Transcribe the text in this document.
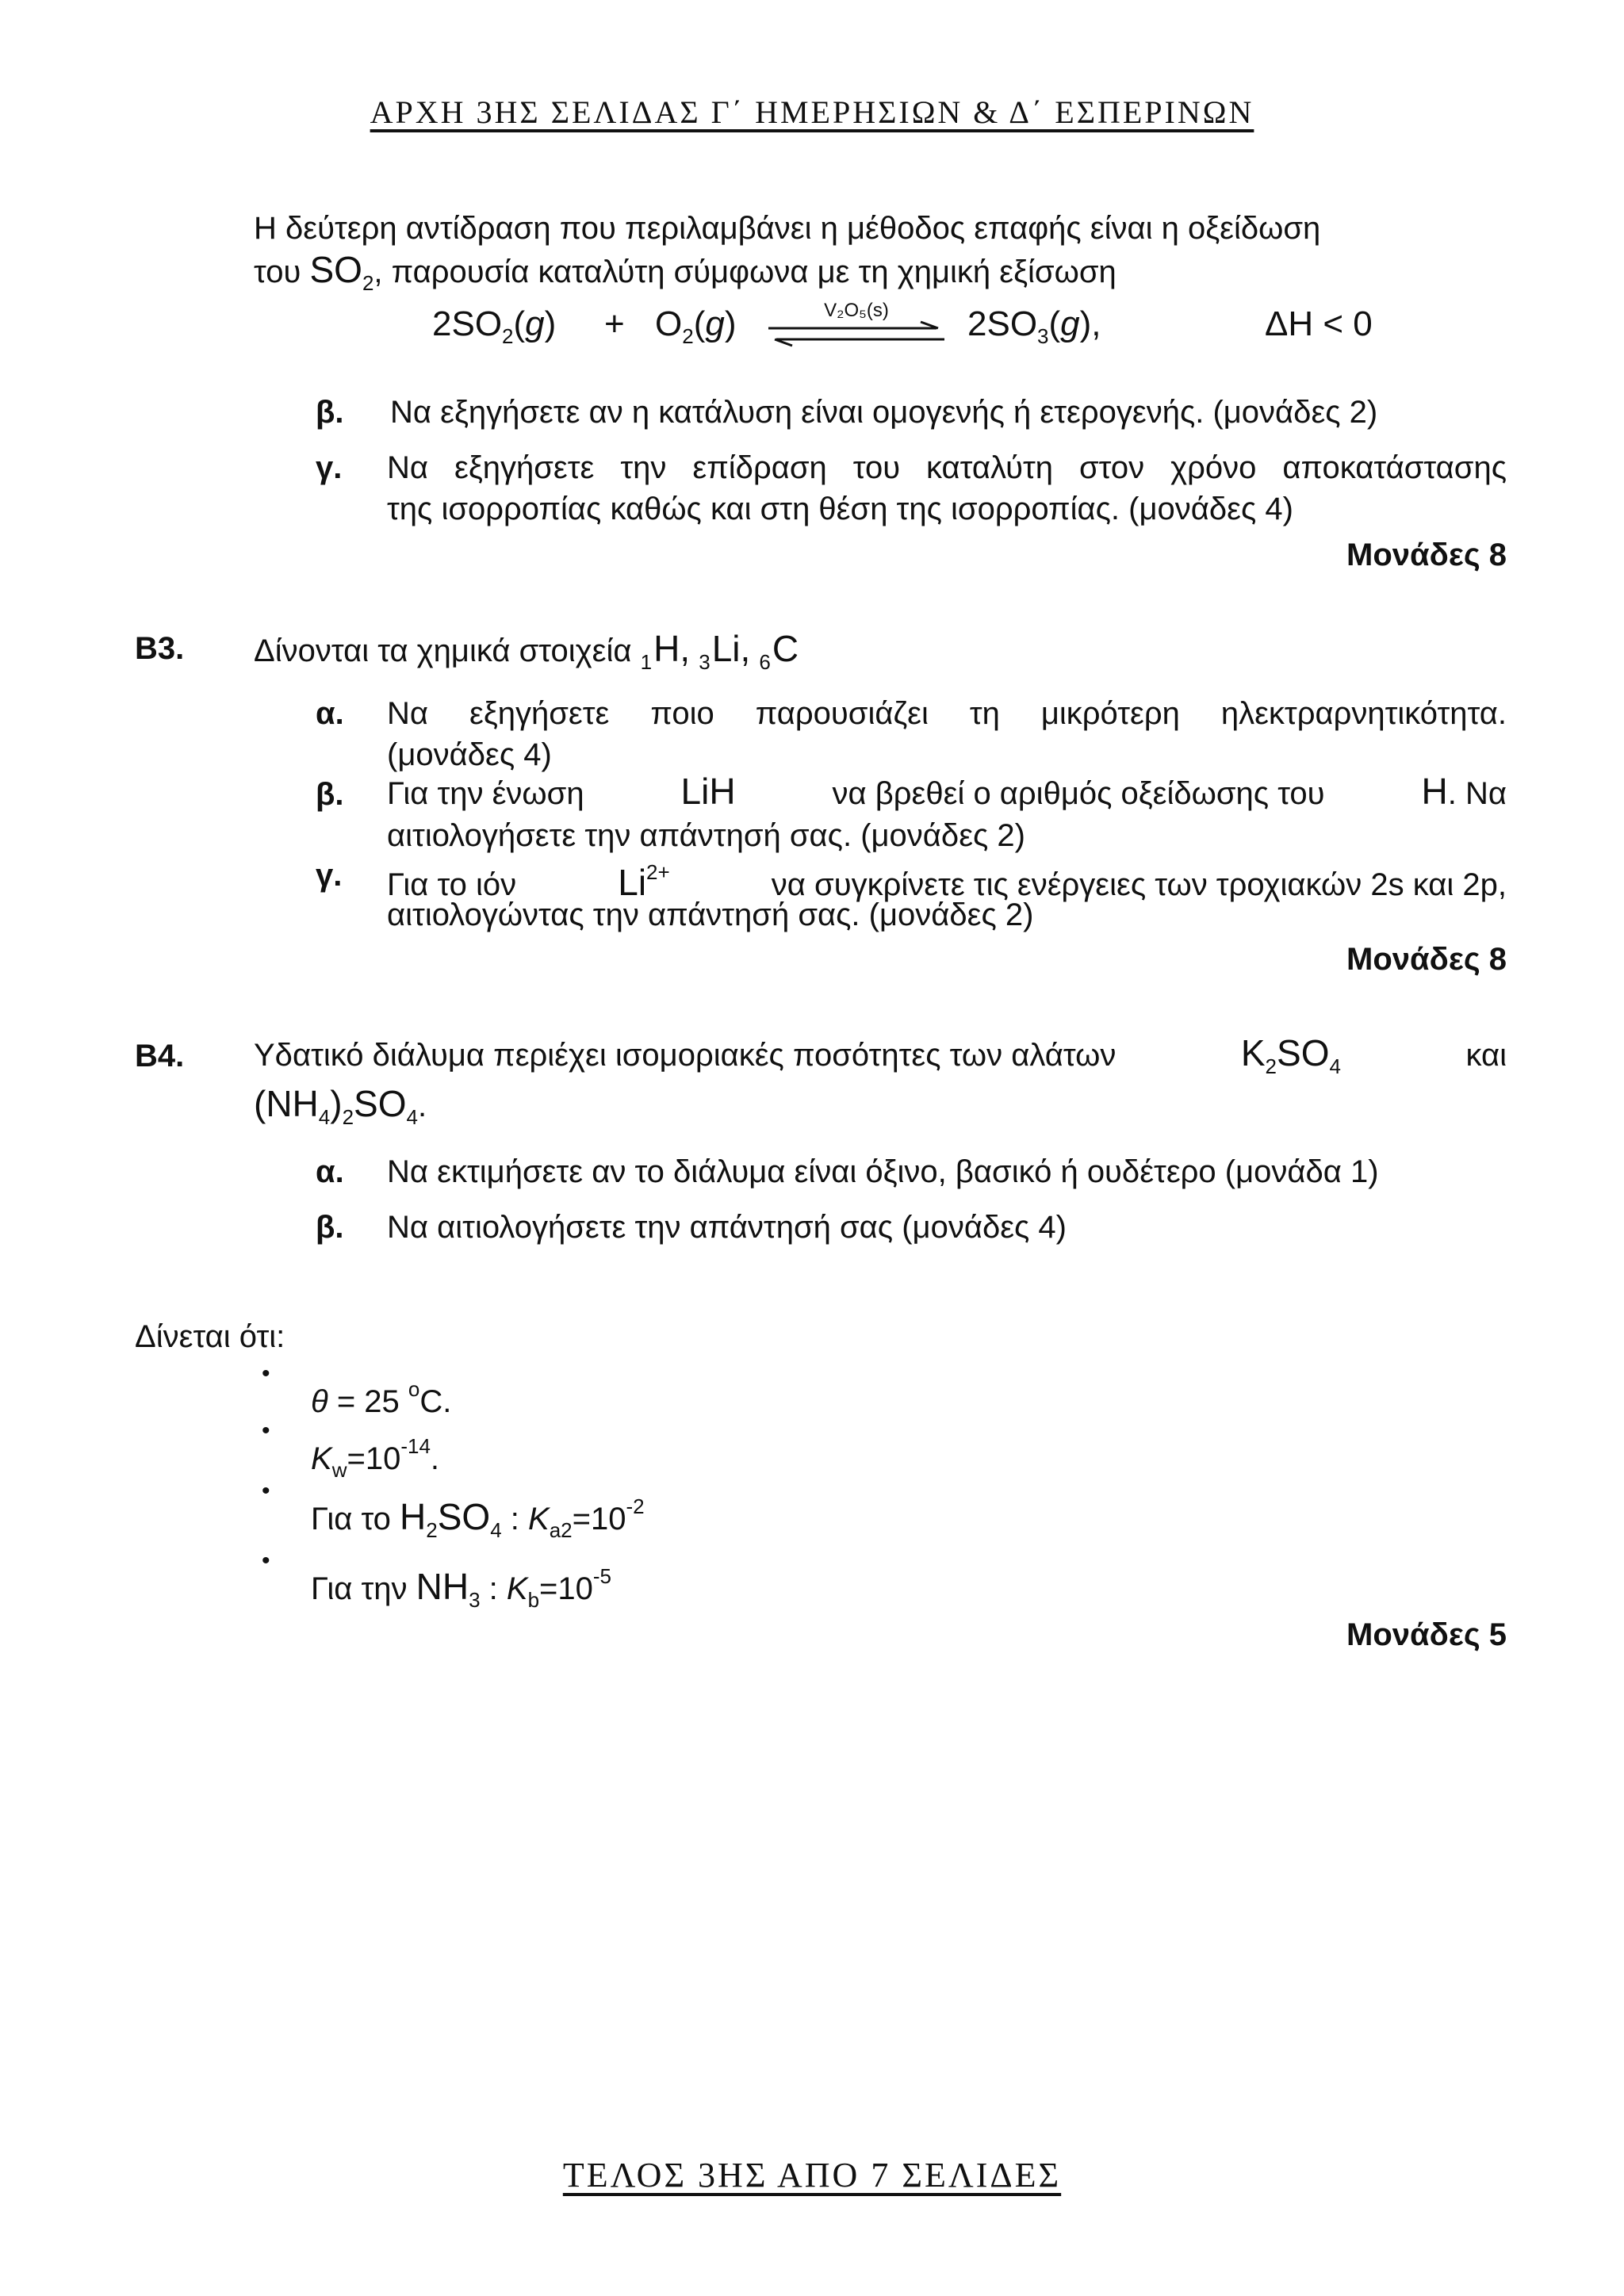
ΑΡΧΗ 3ΗΣ ΣΕΛΙΔΑΣ Γ΄ ΗΜΕΡΗΣΙΩΝ & Δ΄ ΕΣΠΕΡΙΝΩΝ
Η δεύτερη αντίδραση που περιλαμβάνει η μέθοδος επαφής είναι η οξείδωση
του $SO_2$, παρουσία καταλύτη σύμφωνα με τη χημική εξίσωση
$2SO_2(g) + O_2(g)$	V₂O₅(s)	$2SO_3(g)$,	ΔH < 0
β. Να εξηγήσετε αν η κατάλυση είναι ομογενής ή ετερογενής. (μονάδες 2)
γ. Να εξηγήσετε την επίδραση του καταλύτη στον χρόνο αποκατάστασης
της ισορροπίας καθώς και στη θέση της ισορροπίας. (μονάδες 4)
Μονάδες 8
Β3. Δίνονται τα χημικά στοιχεία $_1$H, $_3$Li, $_6$C
α. Να εξηγήσετε ποιο παρουσιάζει τη μικρότερη ηλεκτραρνητικότητα.
(μονάδες 4)
β. Για την ένωση	LiH	να βρεθεί ο αριθμός οξείδωσης του	H. Να
αιτιολογήσετε την απάντησή σας. (μονάδες 2)
γ. Για το ιόν	$Li^{2+}$	να συγκρίνετε τις ενέργειες των τροχιακών 2s και 2p,
αιτιολογώντας την απάντησή σας. (μονάδες 2)
Μονάδες 8
Β4. Υδατικό διάλυμα περιέχει ισομοριακές ποσότητες των αλάτων	$K_2SO_4$	και
$(NH_4)_2SO_4$.
α. Να εκτιμήσετε αν το διάλυμα είναι όξινο, βασικό ή ουδέτερο (μονάδα 1)
β. Να αιτιολογήσετε την απάντησή σας (μονάδες 4)
Δίνεται ότι:
•
θ = 25 $^o$C.
•
$K_w=10^{-14}$.
•
Για το $H_2SO_4$ : $K_{a2}=10^{-2}$
•
Για την $NH_3$ : $K_b=10^{-5}$
Μονάδες 5
ΤΕΛΟΣ 3ΗΣ ΑΠΟ 7 ΣΕΛΙΔΕΣ
